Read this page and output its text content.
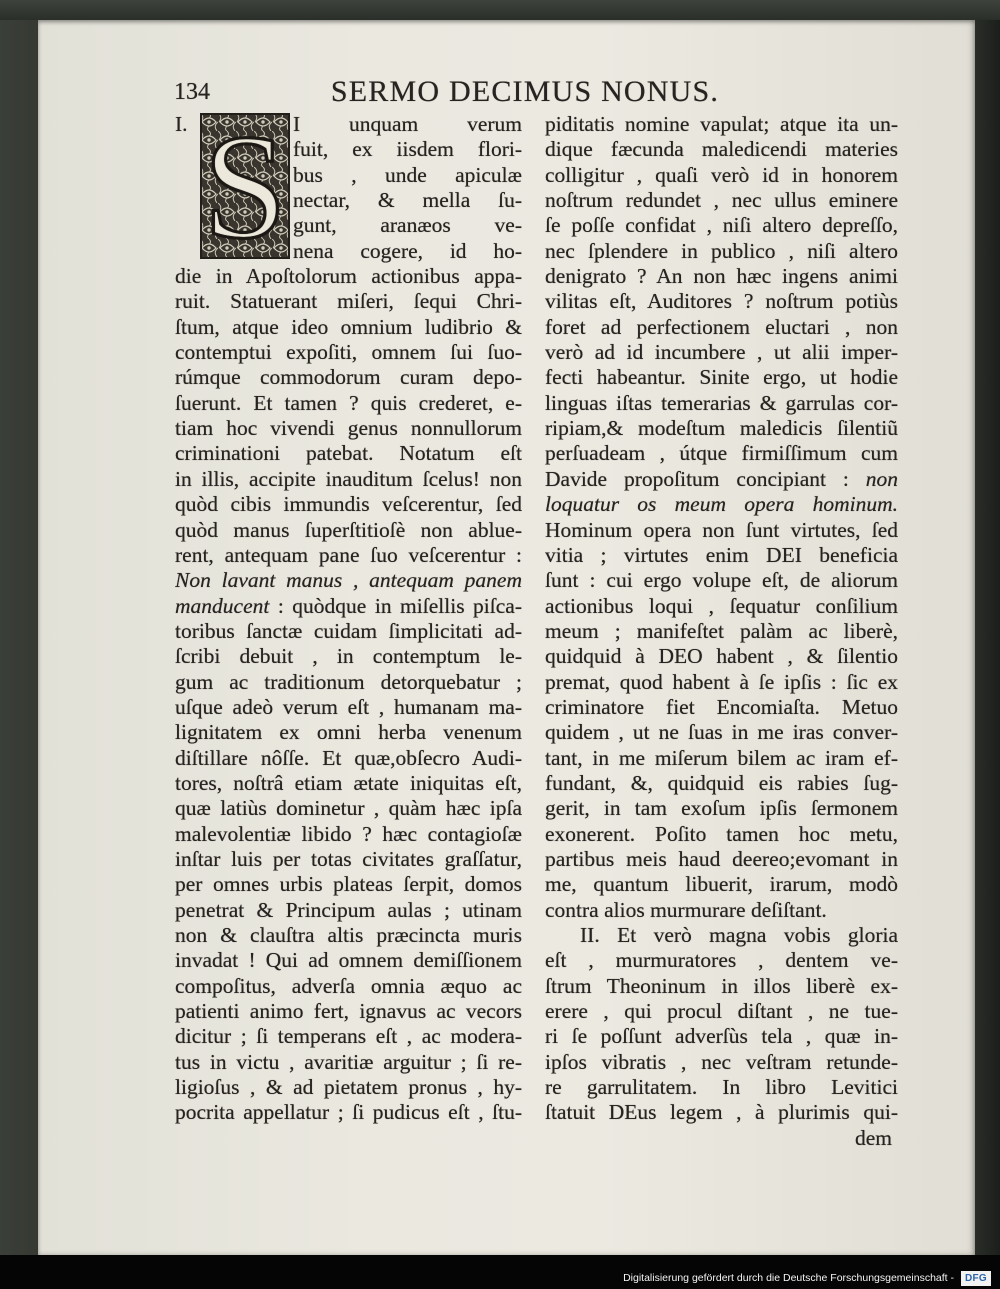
134	SERMO DECIMUS NONUS.
I. S I unquam verum
fuit, ex iisdem flori-
bus , unde apiculæ
nectar, & mella ſu-
gunt, aranæos ve-
nena cogere, id ho-
die in Apoſtolorum actionibus appa-
ruit. Statuerant miſeri, ſequi Chri-
ſtum, atque ideo omnium ludibrio &
contemptui expoſiti, omnem ſui ſuo-
rúmque commodorum curam depo-
ſuerunt. Et tamen ? quis crederet, e-
tiam hoc vivendi genus nonnullorum
criminationi patebat. Notatum eſt
in illis, accipite inauditum ſcelus! non
quòd cibis immundis veſcerentur, ſed
quòd manus ſuperſtitioſè non ablue-
rent, antequam pane ſuo veſcerentur :
Non lavant manus , antequam panem
manducent : quòdque in miſellis piſca-
toribus ſanctæ cuidam ſimplicitati ad-
ſcribi debuit , in contemptum le-
gum ac traditionum detorquebatur ;
uſque adeò verum eſt , humanam ma-
lignitatem ex omni herba venenum
diſtillare nôſſe. Et quæ,obſecro Audi-
tores, noſtrâ etiam ætate iniquitas eſt,
quæ latiùs dominetur , quàm hæc ipſa
malevolentiæ libido ? hæc contagioſæ
inſtar luis per totas civitates graſſatur,
per omnes urbis plateas ſerpit, domos
penetrat & Principum aulas ; utinam
non & clauſtra altis præcincta muris
invadat ! Qui ad omnem demiſſionem
compoſitus, adverſa omnia æquo ac
patienti animo fert, ignavus ac vecors
dicitur ; ſi temperans eſt , ac modera-
tus in victu , avaritiæ arguitur ; ſi re-
ligioſus , & ad pietatem pronus , hy-
pocrita appellatur ; ſi pudicus eſt , ſtu-
piditatis nomine vapulat; atque ita un-
dique fæcunda maledicendi materies
colligitur , quaſi verò id in honorem
noſtrum redundet , nec ullus eminere
ſe poſſe confidat , niſi altero depreſſo,
nec ſplendere in publico , niſi altero
denigrato ? An non hæc ingens animi
vilitas eſt, Auditores ? noſtrum potiùs
foret ad perfectionem eluctari , non
verò ad id incumbere , ut alii imper-
fecti habeantur. Sinite ergo, ut hodie
linguas iſtas temerarias & garrulas cor-
ripiam,& modeſtum maledicis ſilentiũ
perſuadeam , útque firmiſſimum cum
Davide propoſitum concipiant : non
loquatur os meum opera hominum.
Hominum opera non ſunt virtutes, ſed
vitia ; virtutes enim DEI beneficia
ſunt : cui ergo volupe eſt, de aliorum
actionibus loqui , ſequatur conſilium
meum ; manifeſtet palàm ac liberè,
quidquid à DEO habent , & ſilentio
premat, quod habent à ſe ipſis : ſic ex
criminatore fiet Encomiaſta. Metuo
quidem , ut ne ſuas in me iras conver-
tant, in me miſerum bilem ac iram ef-
fundant, &, quidquid eis rabies ſug-
gerit, in tam exoſum ipſis ſermonem
exonerent. Poſito tamen hoc metu,
partibus meis haud deereo;evomant in
me, quantum libuerit, irarum, modò
contra alios murmurare deſiſtant.
II. Et verò magna vobis gloria
eſt , murmuratores , dentem ve-
ſtrum Theoninum in illos liberè ex-
erere , qui procul diſtant , ne tue-
ri ſe poſſunt adverſùs tela , quæ in-
ipſos vibratis , nec veſtram retunde-
re garrulitatem. In libro Levitici
ſtatuit DEus legem , à plurimis qui-
dem
Digitalisierung gefördert durch die Deutsche Forschungsgemeinschaft -	DFG
